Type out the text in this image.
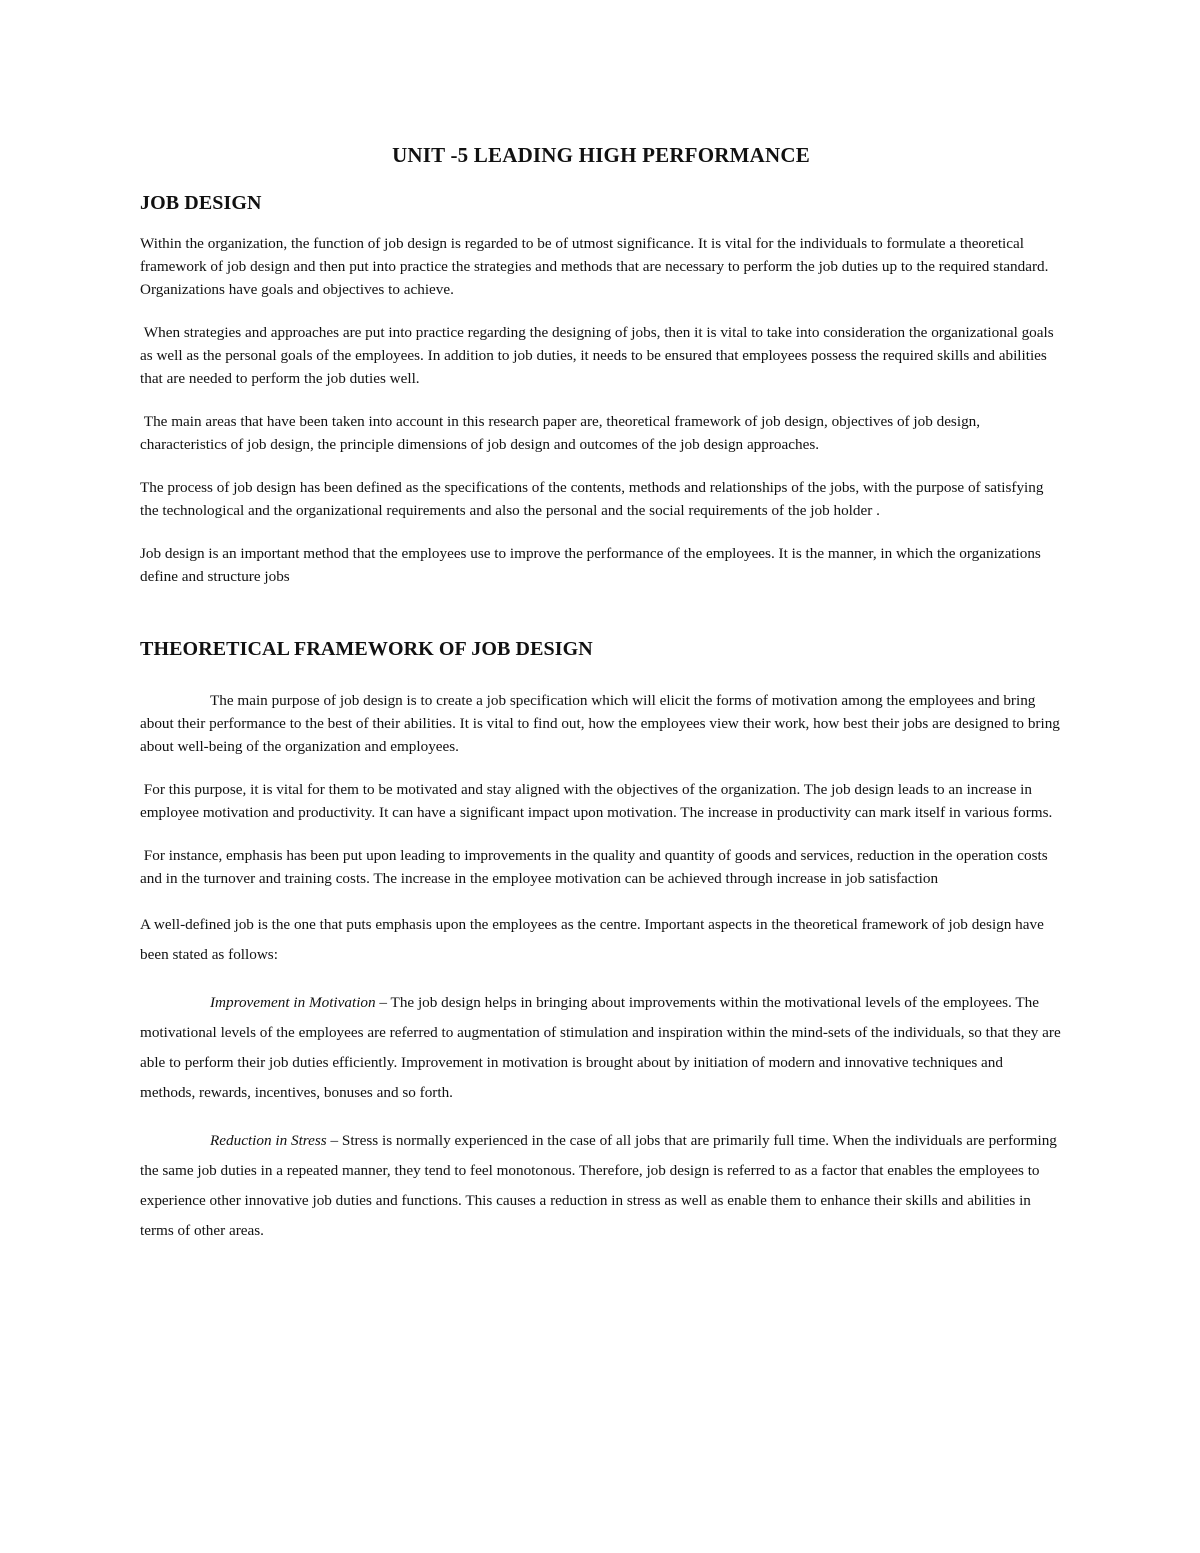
UNIT -5 LEADING HIGH PERFORMANCE
JOB DESIGN

Within the organization, the function of job design is regarded to be of utmost significance. It is vital for the individuals to formulate a theoretical framework of job design and then put into practice the strategies and methods that are necessary to perform the job duties up to the required standard. Organizations have goals and objectives to achieve.

When strategies and approaches are put into practice regarding the designing of jobs, then it is vital to take into consideration the organizational goals as well as the personal goals of the employees. In addition to job duties, it needs to be ensured that employees possess the required skills and abilities that are needed to perform the job duties well.

The main areas that have been taken into account in this research paper are, theoretical framework of job design, objectives of job design, characteristics of job design, the principle dimensions of job design and outcomes of the job design approaches.

The process of job design has been defined as the specifications of the contents, methods and relationships of the jobs, with the purpose of satisfying the technological and the organizational requirements and also the personal and the social requirements of the job holder .

Job design is an important method that the employees use to improve the performance of the employees. It is the manner, in which the organizations define and structure jobs

THEORETICAL FRAMEWORK OF JOB DESIGN

The main purpose of job design is to create a job specification which will elicit the forms of motivation among the employees and bring about their performance to the best of their abilities. It is vital to find out, how the employees view their work, how best their jobs are designed to bring about well-being of the organization and employees.

For this purpose, it is vital for them to be motivated and stay aligned with the objectives of the organization. The job design leads to an increase in employee motivation and productivity. It can have a significant impact upon motivation. The increase in productivity can mark itself in various forms.

For instance, emphasis has been put upon leading to improvements in the quality and quantity of goods and services, reduction in the operation costs and in the turnover and training costs. The increase in the employee motivation can be achieved through increase in job satisfaction

A well-defined job is the one that puts emphasis upon the employees as the centre. Important aspects in the theoretical framework of job design have been stated as follows:

Improvement in Motivation – The job design helps in bringing about improvements within the motivational levels of the employees. The motivational levels of the employees are referred to augmentation of stimulation and inspiration within the mind-sets of the individuals, so that they are able to perform their job duties efficiently. Improvement in motivation is brought about by initiation of modern and innovative techniques and methods, rewards, incentives, bonuses and so forth.

Reduction in Stress – Stress is normally experienced in the case of all jobs that are primarily full time. When the individuals are performing the same job duties in a repeated manner, they tend to feel monotonous. Therefore, job design is referred to as a factor that enables the employees to experience other innovative job duties and functions. This causes a reduction in stress as well as enable them to enhance their skills and abilities in terms of other areas.
